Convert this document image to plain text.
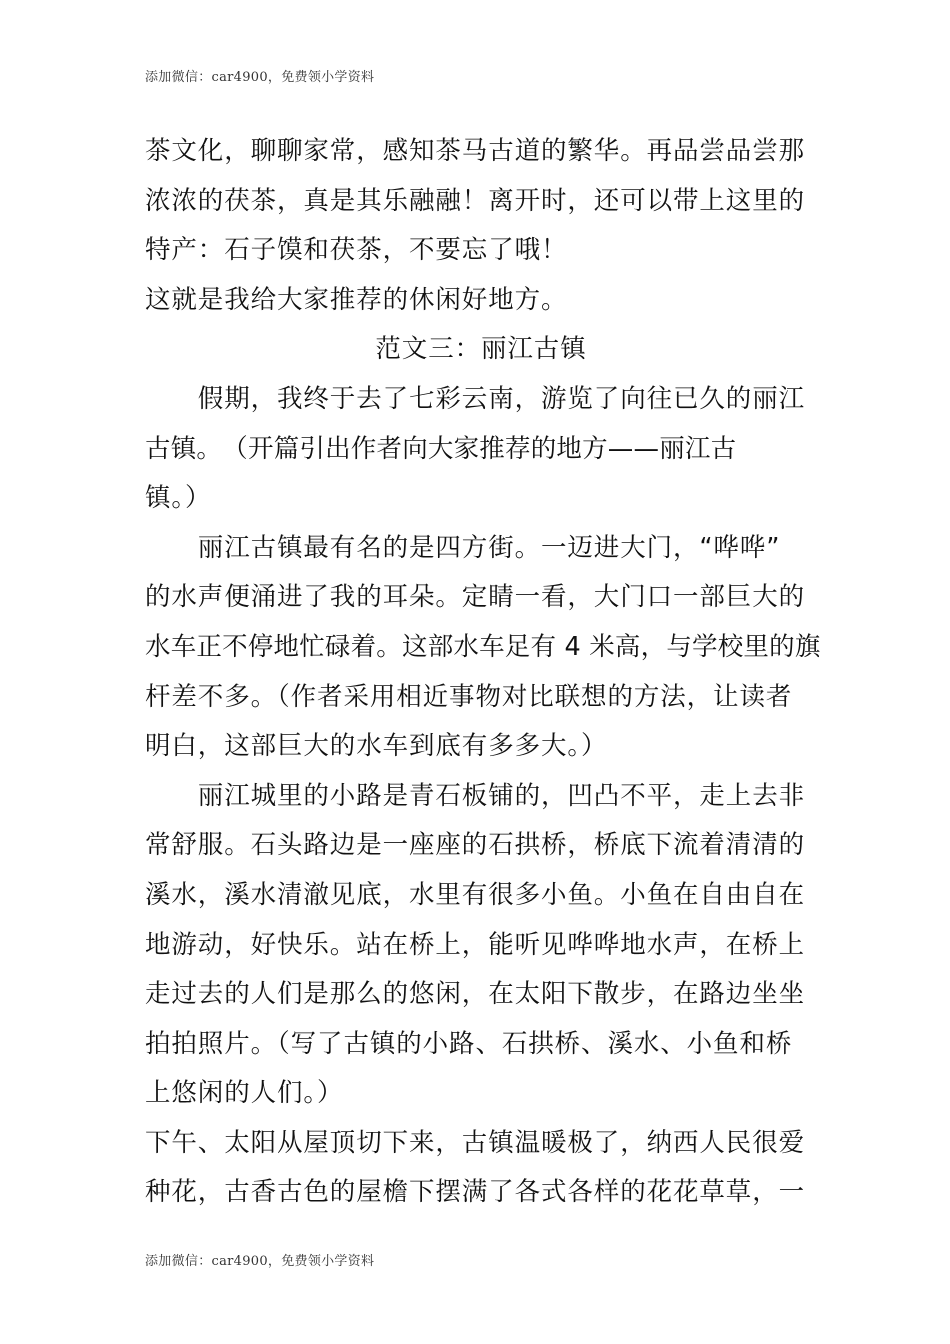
添加微信：car4900，免费领小学资料
茶文化，聊聊家常，感知茶马古道的繁华。再品尝品尝那
浓浓的茯茶，真是其乐融融！离开时，还可以带上这里的
特产：石子馍和茯茶，不要忘了哦！
这就是我给大家推荐的休闲好地方。
范文三：丽江古镇
　　假期，我终于去了七彩云南，游览了向往已久的丽江
古镇。　（开篇引出作者向大家推荐的地方——丽江古
镇。）
　　丽江古镇最有名的是四方街。一迈进大门，“哗哗”
的水声便涌进了我的耳朵。定睛一看，大门口一部巨大的
水车正不停地忙碌着。这部水车足有 4 米高，与学校里的旗
杆差不多。（作者采用相近事物对比联想的方法，让读者
明白，这部巨大的水车到底有多多大。）
　　丽江城里的小路是青石板铺的，凹凸不平，走上去非
常舒服。石头路边是一座座的石拱桥，桥底下流着清清的
溪水，溪水清澈见底，水里有很多小鱼。小鱼在自由自在
地游动，好快乐。站在桥上，能听见哗哗地水声，在桥上
走过去的人们是那么的悠闲，在太阳下散步，在路边坐坐
拍拍照片。（写了古镇的小路、石拱桥、溪水、小鱼和桥
上悠闲的人们。）
下午、太阳从屋顶切下来，古镇温暖极了，纳西人民很爱
种花，古香古色的屋檐下摆满了各式各样的花花草草，一
添加微信：car4900，免费领小学资料
